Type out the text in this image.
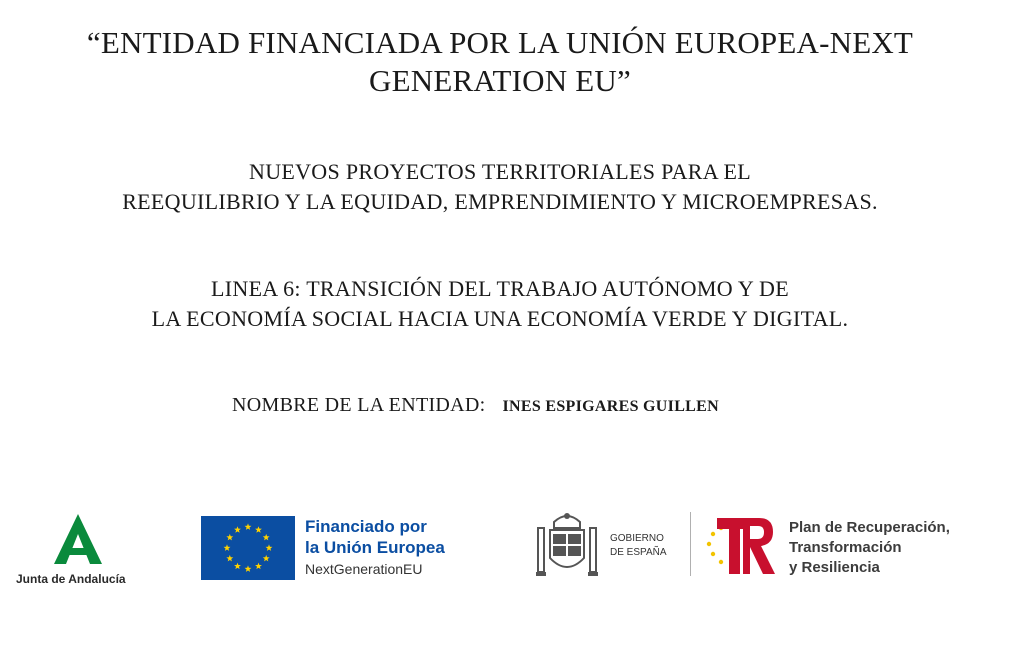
“ENTIDAD FINANCIADA POR LA UNIÓN EUROPEA-NEXT
GENERATION EU”
NUEVOS PROYECTOS TERRITORIALES PARA EL
REEQUILIBRIO Y LA EQUIDAD, EMPRENDIMIENTO Y MICROEMPRESAS.
LINEA 6: TRANSICIÓN DEL TRABAJO AUTÓNOMO Y DE
LA ECONOMÍA SOCIAL HACIA UNA ECONOMÍA VERDE Y DIGITAL.
NOMBRE DE LA ENTIDAD: INES ESPIGARES GUILLEN
Junta de Andalucía
Financiado por
la Unión Europea
NextGenerationEU
GOBIERNO
DE ESPAÑA
Plan de Recuperación,
Transformación
y Resiliencia
